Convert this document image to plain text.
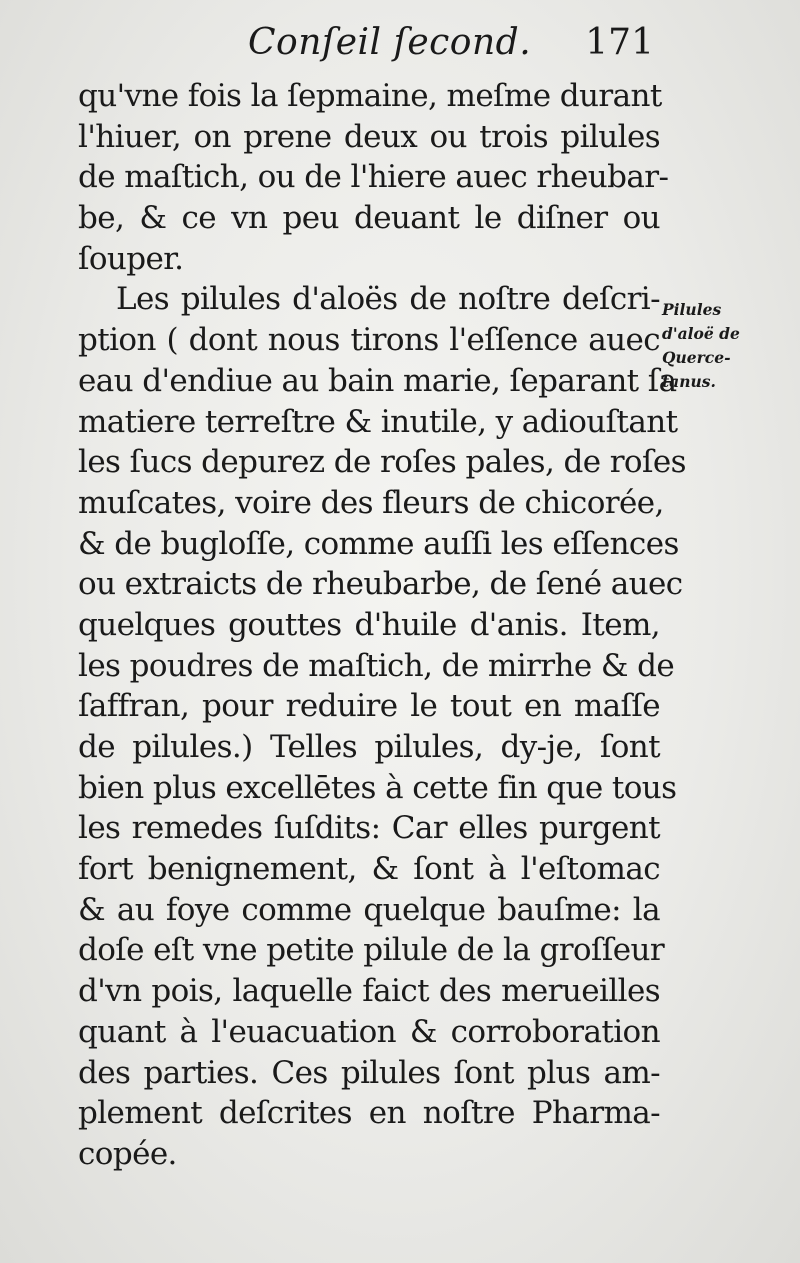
Conſeil ſecond. 171
qu'vne fois la ſepmaine, meſme durant
l'hiuer, on prene deux ou trois pilules
de maſtich, ou de l'hiere auec rheubar-
be, & ce vn peu deuant le diſner ou
ſouper.
Les pilules d'aloës de noſtre deſcri-
ption ( dont nous tirons l'eſſence auec
eau d'endiue au bain marie, ſeparant ſa
matiere terreſtre & inutile, y adiouſtant
les ſucs depurez de roſes pales, de roſes
muſcates, voire des fleurs de chicorée,
& de bugloſſe, comme auſſi les eſſences
ou extraicts de rheubarbe, de ſené auec
quelques gouttes d'huile d'anis. Item,
les poudres de maſtich, de mirrhe & de
ſaffran, pour reduire le tout en maſſe
de pilules.) Telles pilules, dy-je, ſont
bien plus excellētes à cette fin que tous
les remedes ſuſdits: Car elles purgent
fort benignement, & ſont à l'eſtomac
& au foye comme quelque bauſme: la
doſe eſt vne petite pilule de la groſſeur
d'vn pois, laquelle faict des merueilles
quant à l'euacuation & corroboration
des parties. Ces pilules ſont plus am-
plement deſcrites en noſtre Pharma-
copée.
Pilules
d'aloë de
Querce-
tanus.
